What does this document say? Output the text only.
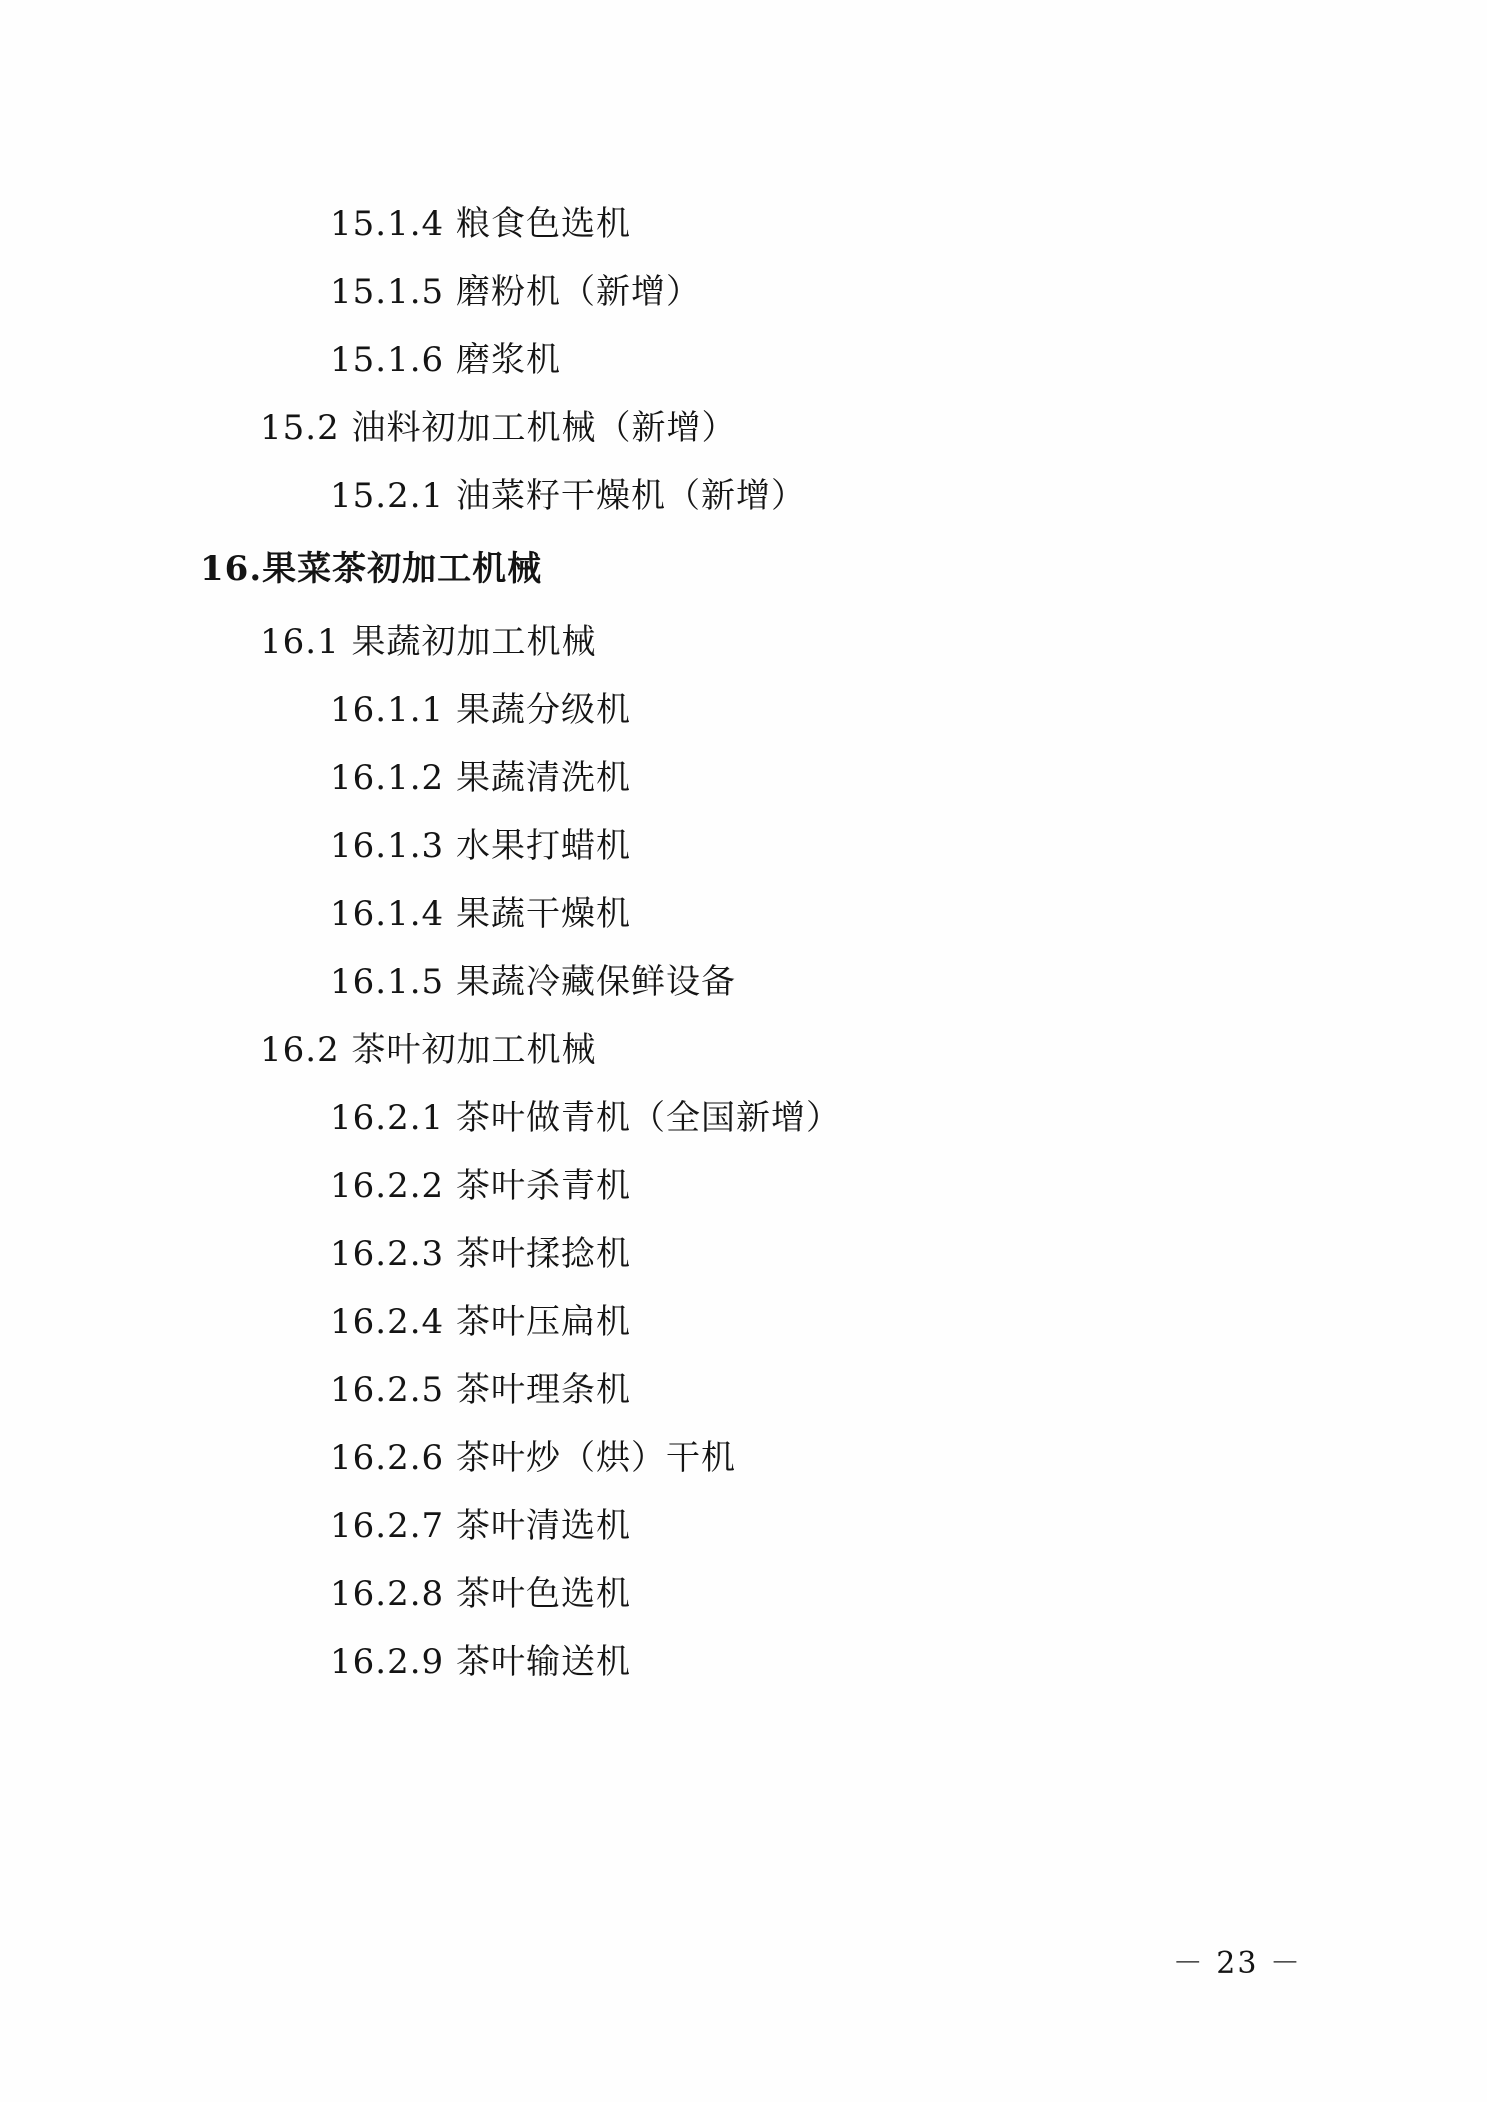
15.1.4 粮食色选机
15.1.5 磨粉机（新增）
15.1.6 磨浆机
15.2 油料初加工机械（新增）
15.2.1 油菜籽干燥机（新增）
16.果菜茶初加工机械
16.1 果蔬初加工机械
16.1.1 果蔬分级机
16.1.2 果蔬清洗机
16.1.3 水果打蜡机
16.1.4 果蔬干燥机
16.1.5 果蔬冷藏保鲜设备
16.2 茶叶初加工机械
16.2.1 茶叶做青机（全国新增）
16.2.2 茶叶杀青机
16.2.3 茶叶揉捻机
16.2.4 茶叶压扁机
16.2.5 茶叶理条机
16.2.6 茶叶炒（烘）干机
16.2.7 茶叶清选机
16.2.8 茶叶色选机
16.2.9 茶叶输送机
－ 23 －
